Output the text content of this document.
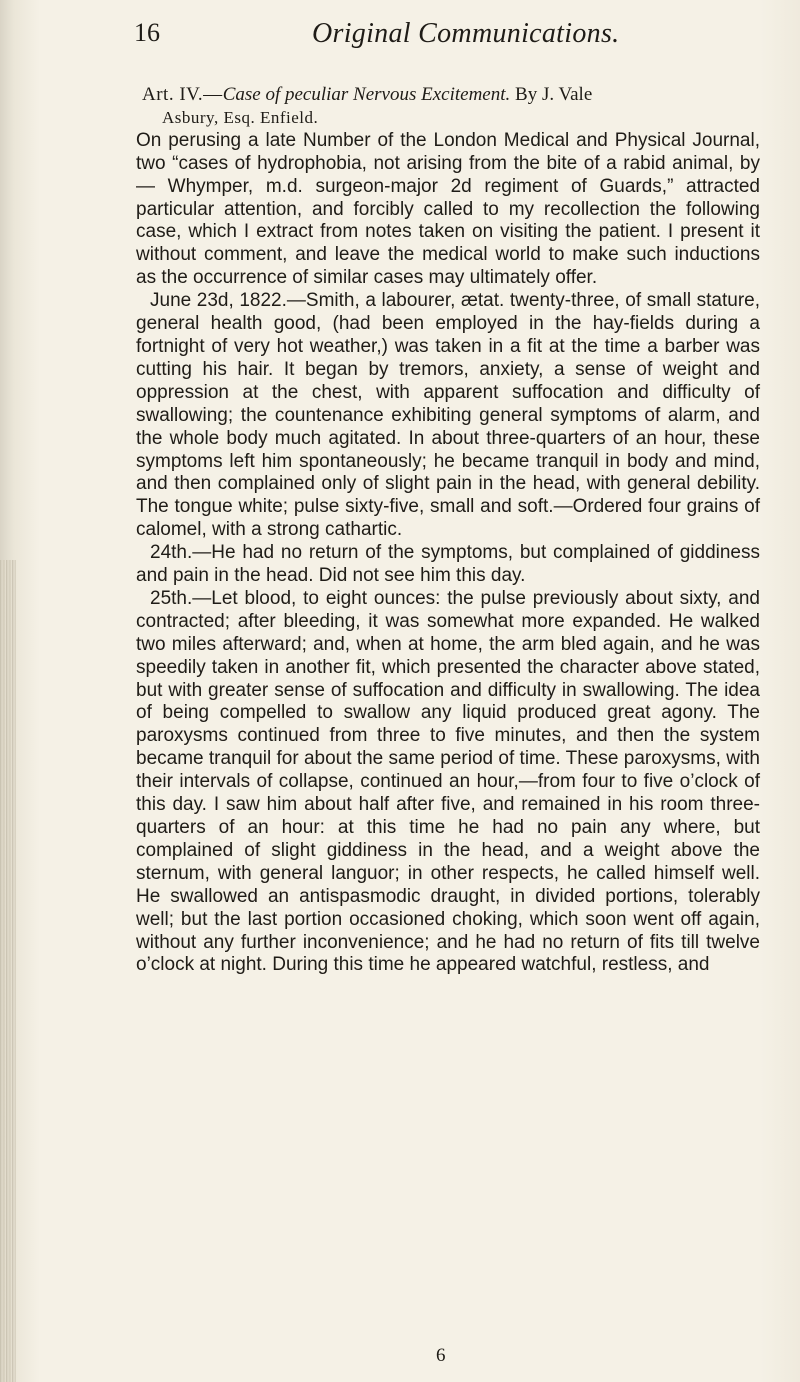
16	Original Communications.

Art. IV.—Case of peculiar Nervous Excitement. By J. Vale

Asbury, Esq. Enfield.

On perusing a late Number of the London Medical and Physical Journal, two “cases of hydrophobia, not arising from the bite of a rabid animal, by — Whymper, m.d. surgeon-major 2d regiment of Guards,” attracted particular attention, and forcibly called to my recollection the following case, which I extract from notes taken on visiting the patient. I present it without comment, and leave the medical world to make such inductions as the occurrence of similar cases may ultimately offer.

June 23d, 1822.—Smith, a labourer, ætat. twenty-three, of small stature, general health good, (had been employed in the hay-fields during a fortnight of very hot weather,) was taken in a fit at the time a barber was cutting his hair. It began by tremors, anxiety, a sense of weight and oppression at the chest, with apparent suffocation and difficulty of swallowing; the countenance exhibiting general symptoms of alarm, and the whole body much agitated. In about three-quarters of an hour, these symptoms left him spontaneously; he became tranquil in body and mind, and then complained only of slight pain in the head, with general debility. The tongue white; pulse sixty-five, small and soft.—Ordered four grains of calomel, with a strong cathartic.

24th.—He had no return of the symptoms, but complained of giddiness and pain in the head. Did not see him this day.

25th.—Let blood, to eight ounces: the pulse previously about sixty, and contracted; after bleeding, it was somewhat more expanded. He walked two miles afterward; and, when at home, the arm bled again, and he was speedily taken in another fit, which presented the character above stated, but with greater sense of suffocation and difficulty in swallowing. The idea of being compelled to swallow any liquid produced great agony. The paroxysms continued from three to five minutes, and then the system became tranquil for about the same period of time. These paroxysms, with their intervals of collapse, continued an hour,—from four to five o’clock of this day. I saw him about half after five, and remained in his room three-quarters of an hour: at this time he had no pain any where, but complained of slight giddiness in the head, and a weight above the sternum, with general languor; in other respects, he called himself well. He swallowed an antispasmodic draught, in divided portions, tolerably well; but the last portion occasioned choking, which soon went off again, without any further inconvenience; and he had no return of fits till twelve o’clock at night. During this time he appeared watchful, restless, and

6
